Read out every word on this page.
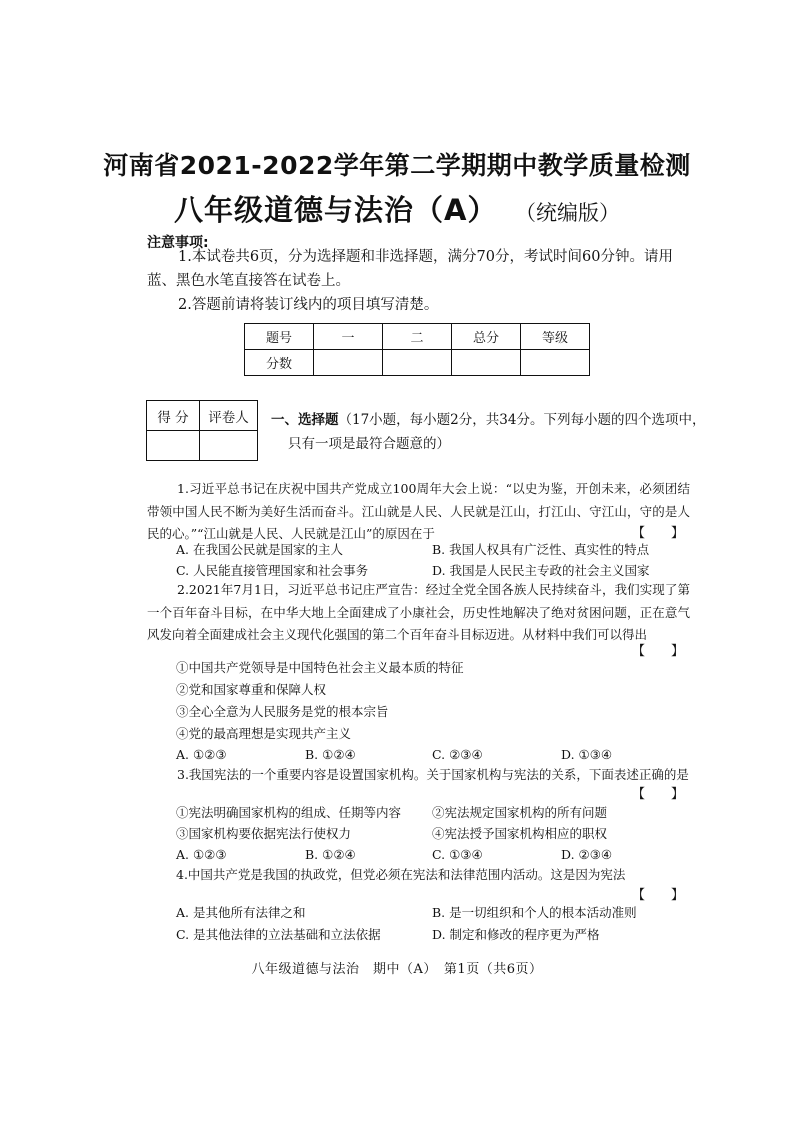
河南省2021-2022学年第二学期期中教学质量检测
八年级道德与法治（A） （统编版）
注意事项:
1.本试卷共6页，分为选择题和非选择题，满分70分，考试时间60分钟。请用
蓝、黑色水笔直接答在试卷上。
2.答题前请将装订线内的项目填写清楚。
题号	一	二	总分	等级
分数				
得 分	评卷人
	一、选择题（17小题，每小题2分，共34分。下列每小题的四个选项中，
只有一项是最符合题意的）
1.习近平总书记在庆祝中国共产党成立100周年大会上说：“以史为鉴，开创未来，必须团结带领中国人民不断为美好生活而奋斗。江山就是人民、人民就是江山，打江山、守江山，守的是人民的心。”“江山就是人民、人民就是江山”的原因在于	【　　】
A. 在我国公民就是国家的主人	B. 我国人权具有广泛性、真实性的特点
C. 人民能直接管理国家和社会事务	D. 我国是人民民主专政的社会主义国家
2.2021年7月1日，习近平总书记庄严宣告：经过全党全国各族人民持续奋斗，我们实现了第一个百年奋斗目标，在中华大地上全面建成了小康社会，历史性地解决了绝对贫困问题，正在意气风发向着全面建成社会主义现代化强国的第二个百年奋斗目标迈进。从材料中我们可以得出
【　　】
①中国共产党领导是中国特色社会主义最本质的特征
②党和国家尊重和保障人权
③全心全意为人民服务是党的根本宗旨
④党的最高理想是实现共产主义
A. ①②③	B. ①②④	C. ②③④	D. ①③④
3.我国宪法的一个重要内容是设置国家机构。关于国家机构与宪法的关系，下面表述正确的是
【　　】
①宪法明确国家机构的组成、任期等内容 ②宪法规定国家机构的所有问题
③国家机构要依据宪法行使权力	④宪法授予国家机构相应的职权
A. ①②③	B. ①②④	C. ①③④	D. ②③④
4.中国共产党是我国的执政党，但党必须在宪法和法律范围内活动。这是因为宪法
【　　】
A. 是其他所有法律之和	B. 是一切组织和个人的根本活动准则
C. 是其他法律的立法基础和立法依据	D. 制定和修改的程序更为严格
八年级道德与法治　期中（A）　第1页（共6页）
